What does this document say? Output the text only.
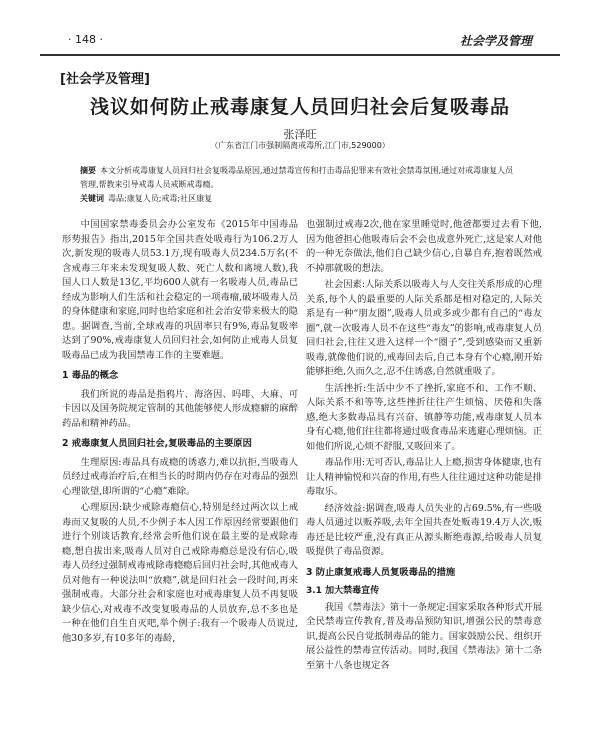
· 148 ·	社会学及管理
[社会学及管理]
浅议如何防止戒毒康复人员回归社会后复吸毒品
张泽旺
（广东省江门市强制隔离戒毒所,江门市,529000）
摘要 本文分析戒毒康复人员回归社会复吸毒品原因,通过禁毒宣传和打击毒品犯罪来有效社会禁毒氛围,通过对戒毒康复人员管理,帮教来引导戒毒人员戒断戒毒瘾。
关键词 毒品;康复人员;戒毒;社区康复

中国国家禁毒委员会办公室发布《2015年中国毒品形势报告》指出,2015年全国共查处吸毒行为106.2万人次,新发现的吸毒人员53.1万,现有吸毒人员234.5万名(不含戒毒三年来未发现复吸人数、死亡人数和离境人数),我国人口人数是13亿,平均600人就有一名吸毒人员,毒品已经成为影响人们生活和社会稳定的一项毒瘤,破坏吸毒人员的身体健康和家庭,同时也给家庭和社会治安带来极大的隐患。据调查,当前,全球戒毒的巩固率只有9%,毒品复吸率达到了90%,戒毒康复人员回归社会,如何防止戒毒人员复吸毒品已成为我国禁毒工作的主要难题。

1 毒品的概念

我们所说的毒品是指鸦片、海洛因、吗啡、大麻、可卡因以及国务院规定管制的其他能够使人形成瘾癖的麻醉药品和精神药品。

2 戒毒康复人员回归社会,复吸毒品的主要原因

生理原因:毒品具有成瘾的诱惑力,难以抗拒,当吸毒人员经过戒毒治疗后,在相当长的时期内仍存在对毒品的强烈心理欲望,即所谓的“心瘾”难除。

心理原因:缺少戒除毒瘾信心,特别是经过两次以上戒毒而又复吸的人员,不少例子本人因工作原因经常要跟他们进行个别谈话教育,经常会听他们说在最主要的是戒除毒瘾,想自拔出来,吸毒人员对自己戒除毒瘾总是没有信心,吸毒人员经过强制戒毒戒除毒瘾瘾后回归社会时,其他戒毒人员对他有一种说法叫“放瘾”,就是回归社会一段时间,再来强制戒毒。大部分社会和家庭也对戒毒康复人员不再复吸缺少信心,对戒毒不改变复吸毒品的人员放弃,总不多也是一种在他们自生自灭吧,举个例子:我有一个吸毒人员说过,他30多岁,有10多年的毒龄,

也强制过戒毒2次,他在家里睡觉时,他爸都要过去看下他,因为他爸担心他吸毒后会不会也成意外死亡,这是家人对他的一种无奈做法,他们自己缺少信心,自暴自弃,抱着既然戒不掉那就吸的想法。

社会因素:人际关系以吸毒人与人交往关系形成的心理关系,每个人的最重要的人际关系都是相对稳定的,人际关系是有一种“朋友圈”,吸毒人员或多或少都有自己的“毒友圈”,就一次吸毒人员不在这些“毒友”的影响,戒毒康复人员回归社会,往往又进入这样一个“圈子”,受到感染而又重新吸毒,就像他们说的,戒毒回去后,自己本身有个心瘾,刚开始能够拒绝,久而久之,忍不住诱惑,自然就重吸了。

生活挫折:生活中少不了挫折,家庭不和、工作不顺、人际关系不和等等,这些挫折往往产生烦恼、厌倦和失落感,绝大多数毒品具有兴奋、镇静等功能,戒毒康复人员本身有心瘾,他们往往都将通过吸食毒品来逃避心理烦恼。正如他们所说,心烦不舒服,又吸回来了。

毒品作用:无可否认,毒品让人上瘾,损害身体健康,也有让人精神愉悦和兴奋的作用,有些人往往通过这种功能是排毒取乐。

经济效益:据调查,吸毒人员失业的占69.5%,有一些吸毒人员通过以贩养吸,去年全国共查处贩毒19.4万人次,贩毒还是比较严重,没有真正从源头断绝毒源,给吸毒人员复吸提供了毒品资源。

3 防止康复戒毒人员复吸毒品的措施
3.1 加大禁毒宣传

我国《禁毒法》第十一条规定:国家采取各种形式开展全民禁毒宣传教育,普及毒品预防知识,增强公民的禁毒意识,提高公民自觉抵制毒品的能力。国家鼓励公民、组织开展公益性的禁毒宣传活动。同时,我国《禁毒法》第十二条至第十八条也规定各
